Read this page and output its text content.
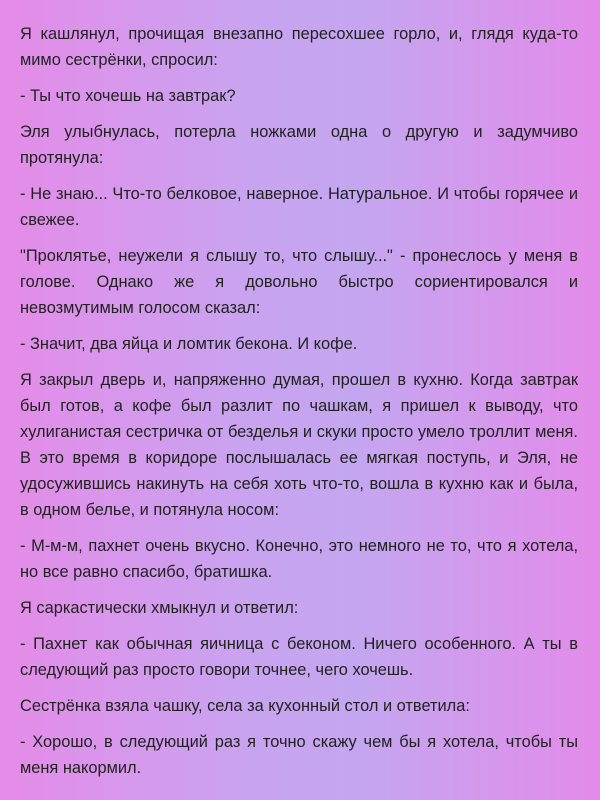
Я кашлянул, прочищая внезапно пересохшее горло, и, глядя куда-то мимо сестрёнки, спросил:

- Ты что хочешь на завтрак?

Эля улыбнулась, потерла ножками одна о другую и задумчиво протянула:

- Не знаю... Что-то белковое, наверное. Натуральное. И чтобы горячее и свежее.

"Проклятье, неужели я слышу то, что слышу..." - пронеслось у меня в голове. Однако же я довольно быстро сориентировался и невозмутимым голосом сказал:

- Значит, два яйца и ломтик бекона. И кофе.

Я закрыл дверь и, напряженно думая, прошел в кухню. Когда завтрак был готов, а кофе был разлит по чашкам, я пришел к выводу, что хулиганистая сестричка от безделья и скуки просто умело троллит меня. В это время в коридоре послышалась ее мягкая поступь, и Эля, не удосужившись накинуть на себя хоть что-то, вошла в кухню как и была, в одном белье, и потянула носом:

- М-м-м, пахнет очень вкусно. Конечно, это немного не то, что я хотела, но все равно спасибо, братишка.

Я саркастически хмыкнул и ответил:

- Пахнет как обычная яичница с беконом. Ничего особенного. А ты в следующий раз просто говори точнее, чего хочешь.

Сестрёнка взяла чашку, села за кухонный стол и ответила:

- Хорошо, в следующий раз я точно скажу чем бы я хотела, чтобы ты меня накормил.
